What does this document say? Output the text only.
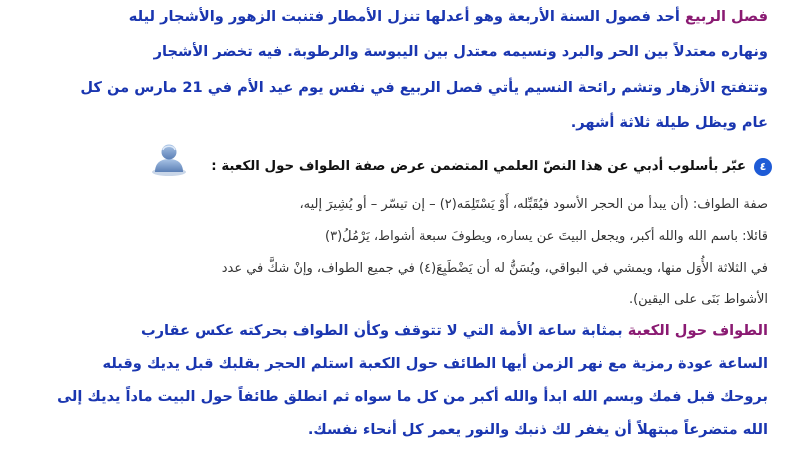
فصل الربيع أحد فصول السنة الأربعة وهو أعدلها تنزل الأمطار فتنبت الزهور والأشجار ليله
ونهاره معتدلاً بين الحر والبرد ونسيمه معتدل بين اليبوسة والرطوبة. فيه تخضر الأشجار
وتتفتح الأزهار وتشم رائحة النسيم يأتي فصل الربيع في نفس يوم عيد الأم في 21 مارس من كل
عام ويظل طيلة ثلاثة أشهر.
٤
عبّر بأسلوب أدبي عن هذا النصّ العلمي المتضمن عرض صفة الطواف حول الكعبة :
صفة الطواف: (أن يبدأ من الحجر الأسود فيُقَبِّله، أَوْ يَسْتَلِمَه(٢) – إن تيسّر – أو يُشِيرَ إليه،
قائلا: باسم الله والله أكبر، ويجعل البيتَ عن يساره، ويطوفَ سبعة أشواط، يَرْمُلُ(٣)
في الثلاثة الأُوَل منها، ويمشي في البواقي، ويُسَنُّ له أن يَضْطَبِعَ(٤) في جميع الطواف، وإنْ شكَّ في عدد
الأشواط بَنَى على اليقين).
الطواف حول الكعبة بمثابة ساعة الأمة التي لا تتوقف وكأن الطواف بحركته عكس عقارب
الساعة عودة رمزية مع نهر الزمن أيها الطائف حول الكعبة استلم الحجر بقلبك قبل يديك وقبله
بروحك قبل فمك وبسم الله ابدأ والله أكبر من كل ما سواه ثم انطلق طائفاً حول البيت ماداً يديك إلى
الله متضرعاً مبتهلاً أن يغفر لك ذنبك والنور يعمر كل أنحاء نفسك.
